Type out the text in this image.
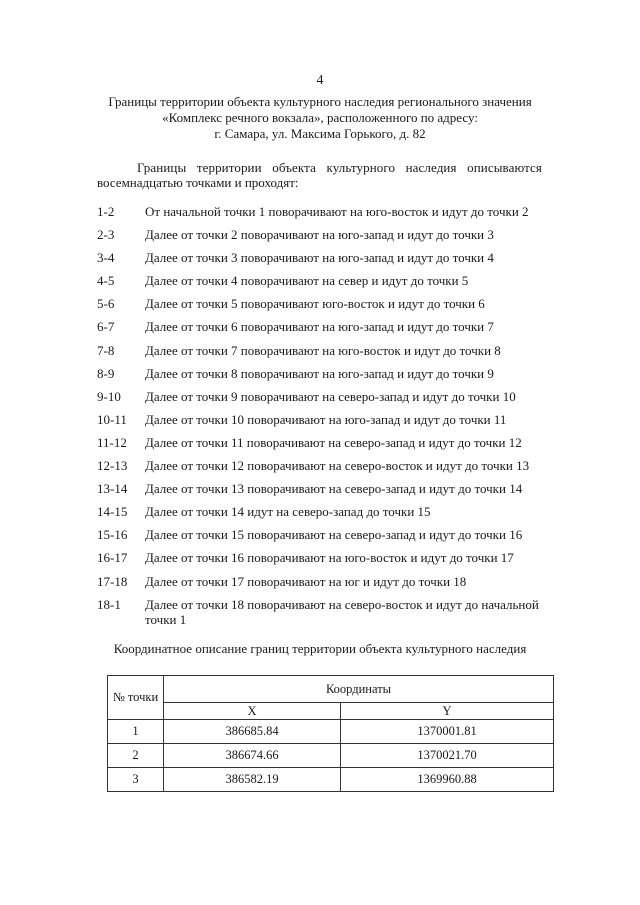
4
Границы территории объекта культурного наследия регионального значения
«Комплекс речного вокзала», расположенного по адресу:
г. Самара, ул. Максима Горького, д. 82
Границы территории объекта культурного наследия описываются
восемнадцатью точками и проходят:
1-2 От начальной точки 1 поворачивают на юго-восток и идут до точки 2
2-3 Далее от точки 2 поворачивают на юго-запад и идут до точки 3
3-4 Далее от точки 3 поворачивают на юго-запад и идут до точки 4
4-5 Далее от точки 4 поворачивают на север и идут до точки 5
5-6 Далее от точки 5 поворачивают юго-восток и идут до точки 6
6-7 Далее от точки 6 поворачивают на юго-запад и идут до точки 7
7-8 Далее от точки 7 поворачивают на юго-восток и идут до точки 8
8-9 Далее от точки 8 поворачивают на юго-запад и идут до точки 9
9-10 Далее от точки 9 поворачивают на северо-запад и идут до точки 10
10-11 Далее от точки 10 поворачивают на юго-запад и идут до точки 11
11-12 Далее от точки 11 поворачивают на северо-запад и идут до точки 12
12-13 Далее от точки 12 поворачивают на северо-восток и идут до точки 13
13-14 Далее от точки 13 поворачивают на северо-запад и идут до точки 14
14-15 Далее от точки 14 идут на северо-запад до точки 15
15-16 Далее от точки 15 поворачивают на северо-запад и идут до точки 16
16-17 Далее от точки 16 поворачивают на юго-восток и идут до точки 17
17-18 Далее от точки 17 поворачивают на юг и идут до точки 18
18-1 Далее от точки 18 поворачивают на северо-восток и идут до начальной точки 1
Координатное описание границ территории объекта культурного наследия
№ точки	Координаты	
	X	Y
1	386685.84	1370001.81
2	386674.66	1370021.70
3	386582.19	1369960.88
